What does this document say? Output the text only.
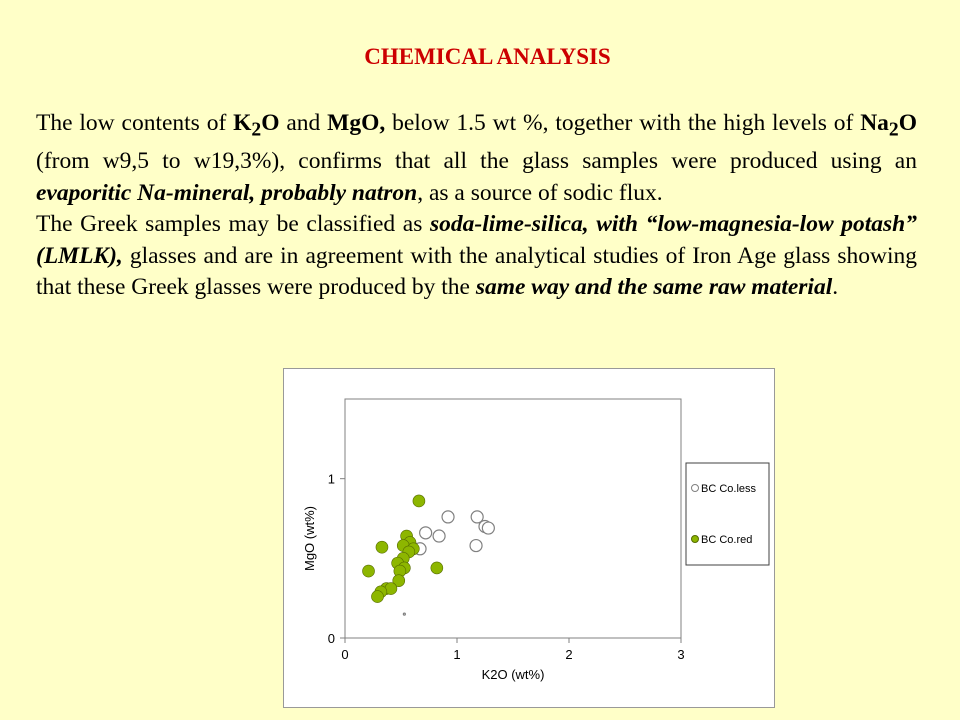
CHEMICAL ANALYSIS

The low contents of $K_2O$ and MgO, below 1.5 wt %, together with the high levels of $Na_2O$ (from w9,5 to w19,3%), confirms that all the glass samples were produced using an evaporitic Na-mineral, probably natron, as a source of sodic flux.

The Greek samples may be classified as soda-lime-silica, with “low-magnesia-low potash” (LMLK), glasses and are in agreement with the analytical studies of Iron Age glass showing that these Greek glasses were produced by the same way and the same raw material.

0	1	2	3
0
1
K2O (wt%)
MgO (wt%)
BC Co.less
BC Co.red
